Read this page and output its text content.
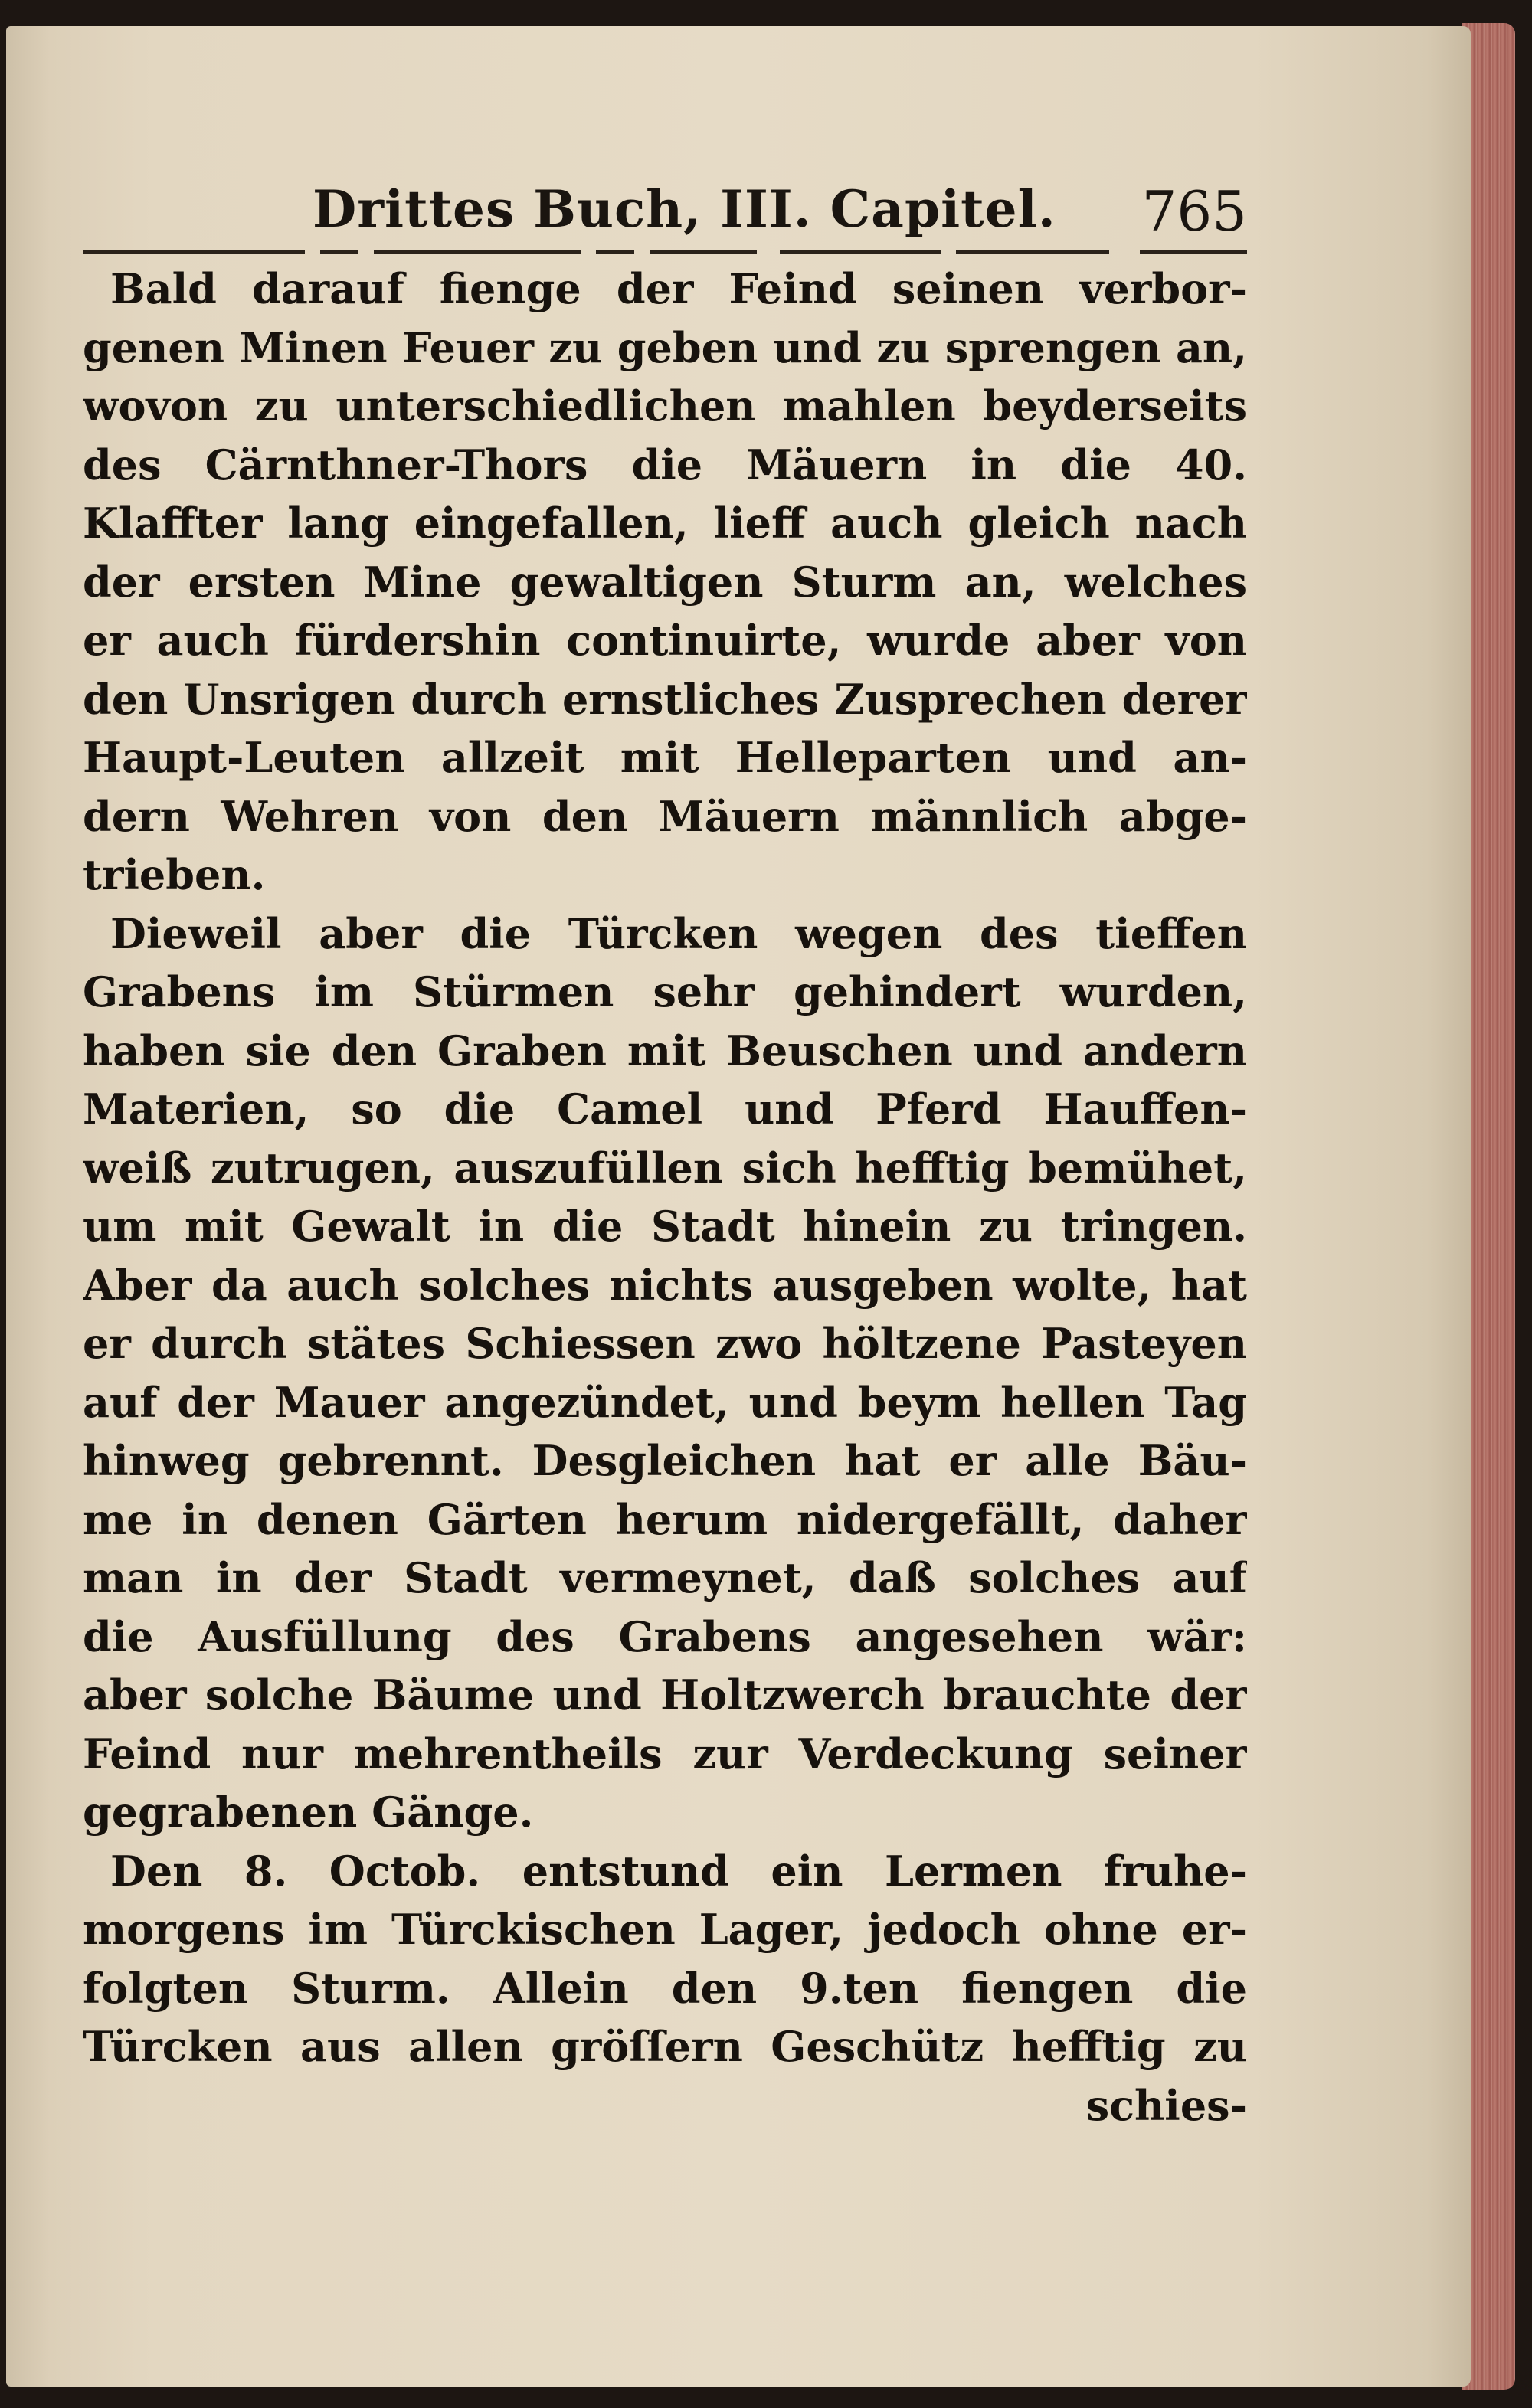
Drittes Buch, III. Capitel. 765
Bald darauf fienge der Feind seinen verbor-
genen Minen Feuer zu geben und zu sprengen an,
wovon zu unterschiedlichen mahlen beyderseits
des Cärnthner-Thors die Mäuern in die 40.
Klaffter lang eingefallen, lieff auch gleich nach
der ersten Mine gewaltigen Sturm an, welches
er auch fürdershin continuirte, wurde aber von
den Unsrigen durch ernstliches Zusprechen derer
Haupt-Leuten allzeit mit Helleparten und an-
dern Wehren von den Mäuern männlich abge-
trieben.
Dieweil aber die Türcken wegen des tieffen
Grabens im Stürmen sehr gehindert wurden,
haben sie den Graben mit Beuschen und andern
Materien, so die Camel und Pferd Hauffen-
weiß zutrugen, auszufüllen sich hefftig bemühet,
um mit Gewalt in die Stadt hinein zu tringen.
Aber da auch solches nichts ausgeben wolte, hat
er durch stätes Schiessen zwo höltzene Pasteyen
auf der Mauer angezündet, und beym hellen Tag
hinweg gebrennt. Desgleichen hat er alle Bäu-
me in denen Gärten herum nidergefällt, daher
man in der Stadt vermeynet, daß solches auf
die Ausfüllung des Grabens angesehen wär:
aber solche Bäume und Holtzwerch brauchte der
Feind nur mehrentheils zur Verdeckung seiner
gegrabenen Gänge.
Den 8. Octob. entstund ein Lermen fruhe-
morgens im Türckischen Lager, jedoch ohne er-
folgten Sturm. Allein den 9.ten fiengen die
Türcken aus allen gröſſern Geschütz hefftig zu
schies-
